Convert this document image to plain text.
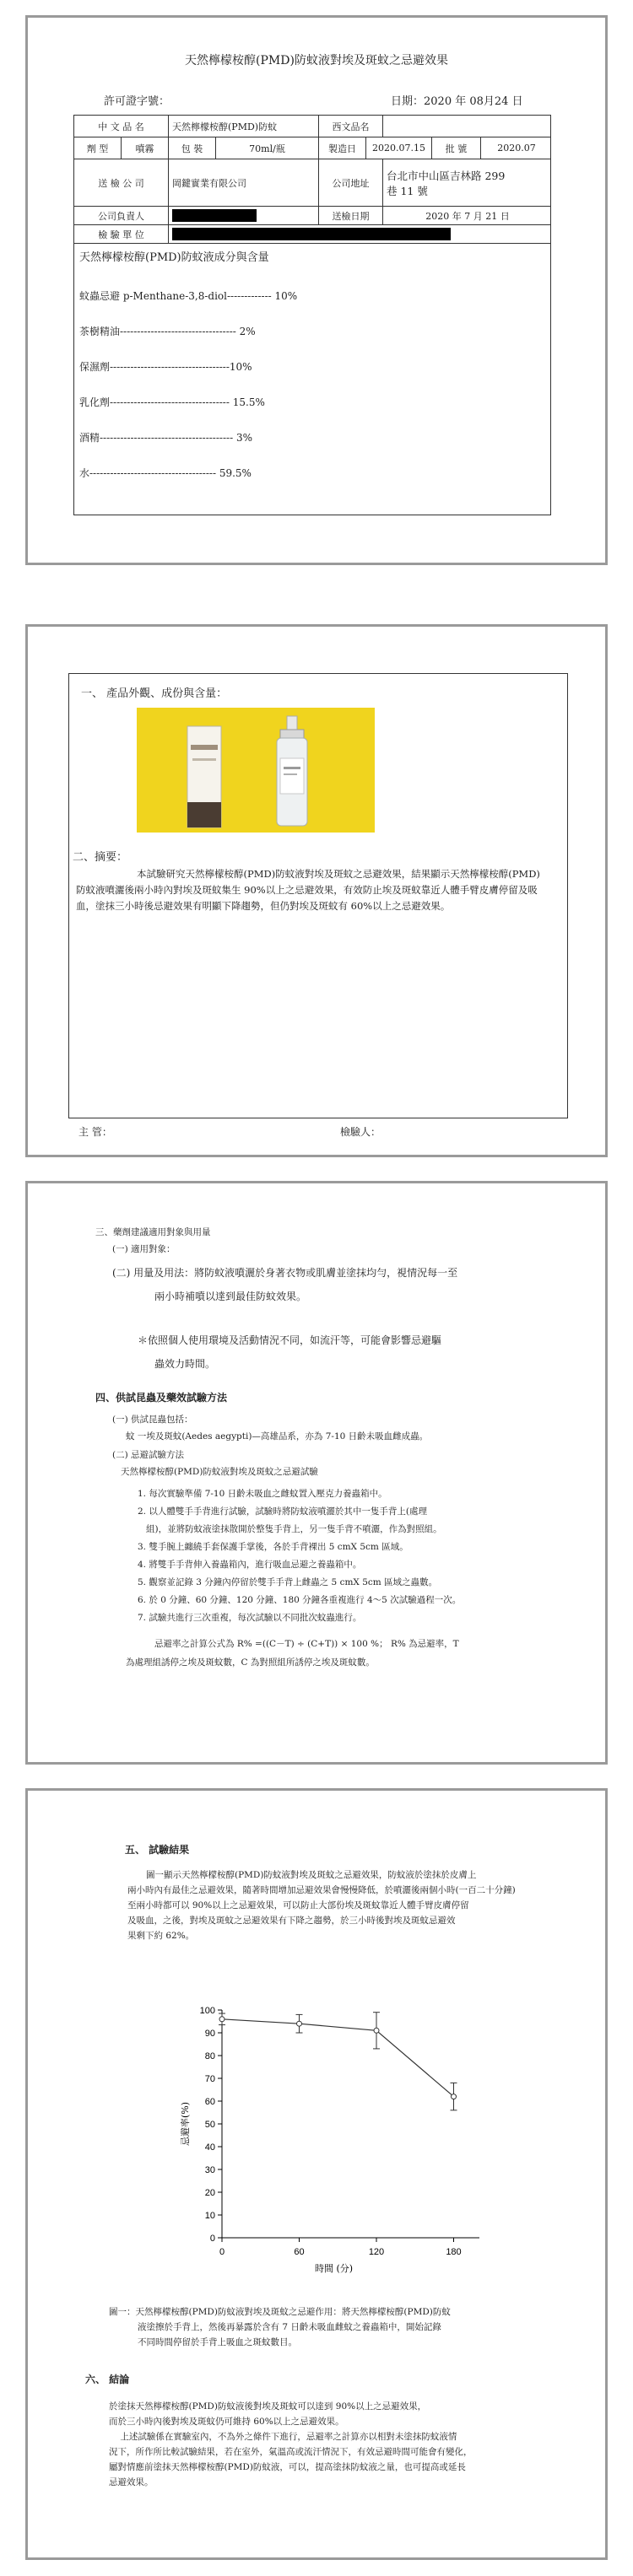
天然檸檬桉醇(PMD)防蚊液對埃及斑蚊之忌避效果
許可證字號：	日期：2020 年 08月24 日
中 文 品 名	天然檸檬桉醇(PMD)防蚊	西文品名
劑 型	噴霧	包 裝	70ml/瓶	製造日	2020.07.15	批 號	2020.07
送 檢 公 司	岡鍵實業有限公司	公司地址
台北市中山區吉林路 299
巷 11 號
公司負責人	送檢日期	2020 年 7 月 21 日
檢 驗 單 位
天然檸檬桉醇(PMD)防蚊液成分與含量
蚊蟲忌避 p-Menthane-3,8-diol------------- 10%
茶樹精油---------------------------------- 2%
保濕劑-----------------------------------10%
乳化劑----------------------------------- 15.5%
酒精--------------------------------------- 3%
水------------------------------------- 59.5%
一、 產品外觀、成份與含量：
二、摘要：
本試驗研究天然檸檬桉醇(PMD)防蚊液對埃及斑蚊之忌避效果，結果顯示天然檸檬桉醇(PMD)防蚊液噴灑後兩小時內對埃及斑蚊集生 90%以上之忌避效果，有效防止埃及斑蚊靠近人體手臂皮膚停留及吸血，塗抹三小時後忌避效果有明顯下降趨勢，但仍對埃及斑蚊有 60%以上之忌避效果。
主 管：	檢驗人：
三、藥劑建議適用對象與用量
(一) 適用對象：
(二) 用量及用法：將防蚊液噴灑於身著衣物或肌膚並塗抹均勻，視情況每一至
兩小時補噴以達到最佳防蚊效果。
＊依照個人使用環境及活動情況不同，如流汗等，可能會影響忌避驅
蟲效力時間。
四、供試昆蟲及藥效試驗方法
(一) 供試昆蟲包括：
蚊 一埃及斑蚊(Aedes aegypti)—高雄品系，亦為 7-10 日齡未吸血雌成蟲。
(二) 忌避試驗方法
天然檸檬桉醇(PMD)防蚊液對埃及斑蚊之忌避試驗
1. 每次實驗準備 7-10 日齡未吸血之雌蚊置入壓克力養蟲箱中。
2. 以人體雙手手背進行試驗，試驗時將防蚊液噴灑於其中一隻手背上(處理
組)，並將防蚊液塗抹散開於整隻手背上，另一隻手背不噴灑，作為對照組。
3. 雙手腕上纏繞手套保護手掌後，各於手背裸出 5 cmX 5cm 區域。
4. 將雙手手背伸入養蟲箱內，進行吸血忌避之養蟲箱中。
5. 觀察並記錄 3 分鐘內停留於雙手手背上雌蟲之 5 cmX 5cm 區域之蟲數。
6. 於 0 分鐘、60 分鐘、120 分鐘、180 分鐘各重複進行 4～5 次試驗過程一次。
7. 試驗共進行三次重複，每次試驗以不同批次蚊蟲進行。
忌避率之計算公式為 R% =((C－T) ÷ (C+T)) × 100 %； R% 為忌避率，T
為處理組誘停之埃及斑蚊數，C 為對照組所誘停之埃及斑蚊數。
五、 試驗結果
圖一顯示天然檸檬桉醇(PMD)防蚊液對埃及斑蚊之忌避效果，防蚊液於塗抹於皮膚上
兩小時內有最佳之忌避效果，隨著時間增加忌避效果會慢慢降低，於噴灑後兩個小時(一百二十分鐘)
至兩小時都可以 90%以上之忌避效果，可以防止大部份埃及斑蚊靠近人體手臂皮膚停留
及吸血，之後，對埃及斑蚊之忌避效果有下降之趨勢，於三小時後對埃及斑蚊忌避效
果剩下約 62%。
0
10
20
30
40
50
60
70
80
90
100
0	60	120	180
時間 (分)
忌避率(%)
圖一：天然檸檬桉醇(PMD)防蚊液對埃及斑蚊之忌避作用：將天然檸檬桉醇(PMD)防蚊
液塗擦於手背上，然後再暴露於含有 7 日齡未吸血雌蚊之養蟲箱中，開始記錄
不同時間停留於手背上吸血之斑蚊數目。
六、 結論
於塗抹天然檸檬桉醇(PMD)防蚊液後對埃及斑蚊可以達到 90%以上之忌避效果，
而於三小時內後對埃及斑蚊仍可維持 60%以上之忌避效果。
上述試驗係在實驗室內，不為外之條件下進行，忌避率之計算亦以相對未塗抹防蚊液情
況下，所作所比較試驗結果，若在室外，氣溫高或流汗情況下，有效忌避時間可能會有變化，
屬對情應前塗抹天然檸檬桉醇(PMD)防蚊液，可以，提高塗抹防蚊液之量，也可提高或延長
忌避效果。
